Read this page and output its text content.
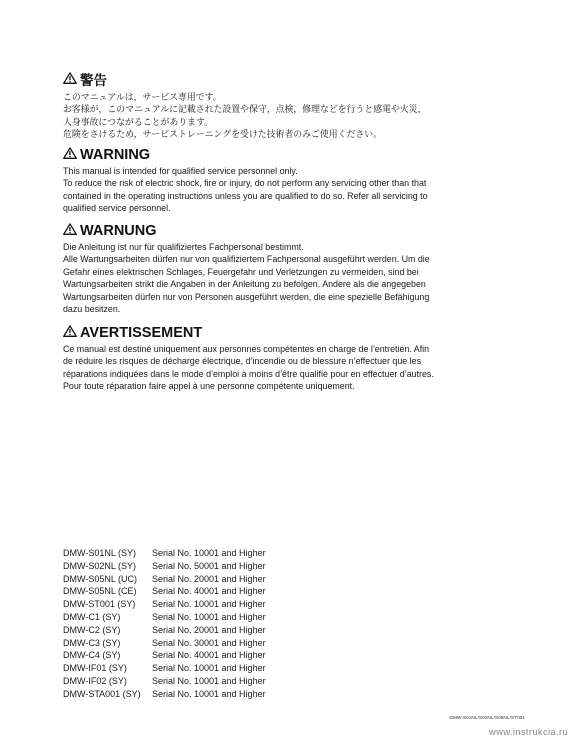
警告

このマニュアルは，サービス専用です。

お客様が，このマニュアルに記載された設置や保守，点検，修理などを行うと感電や火災，

人身事故につながることがあります。

危険をさけるため，サービストレーニングを受けた技術者のみご使用ください。

WARNING

This manual is intended for qualified service personnel only.

To reduce the risk of electric shock, fire or injury, do not perform any servicing other than that

contained in the operating instructions unless you are qualified to do so. Refer all servicing to

qualified service personnel.

WARNUNG

Die Anleitung ist nur für qualifiziertes Fachpersonal bestimmt.

Alle Wartungsarbeiten dürfen nur von qualifiziertem Fachpersonal ausgeführt werden. Um die

Gefahr eines elektrischen Schlages, Feuergefahr und Verletzungen zu vermeiden, sind bei

Wartungsarbeiten strikt die Angaben in der Anleitung zu befolgen. Andere als die angegeben

Wartungsarbeiten dürfen nur von Personen ausgeführt werden, die eine spezielle Befähigung

dazu besitzen.

AVERTISSEMENT

Ce manual est destiné uniquement aux personnes compétentes en charge de l’entretien. Afin

de réduire les risques de décharge électrique, d’incendie ou de blessure n’effectuer que les

réparations indiquées dans le mode d’emploi à moins d’être qualifié pour en effectuer d’autres.

Pour toute réparation faire appel à une personne compétente uniquement.

DMW-S01NL (SY)	Serial No. 10001 and Higher
DMW-S02NL (SY)	Serial No. 50001 and Higher
DMW-S05NL (UC)	Serial No. 20001 and Higher
DMW-S05NL (CE)	Serial No. 40001 and Higher
DMW-ST001 (SY)	Serial No. 10001 and Higher
DMW-C1 (SY)	Serial No. 10001 and Higher
DMW-C2 (SY)	Serial No. 20001 and Higher
DMW-C3 (SY)	Serial No. 30001 and Higher
DMW-C4 (SY)	Serial No. 40001 and Higher
DMW-IF01 (SY)	Serial No. 10001 and Higher
DMW-IF02 (SY)	Serial No. 10001 and Higher
DMW-STA001 (SY)	Serial No. 10001 and Higher
DMW-S01NL/S02NL/S05NL/ST001
www.instrukcia.ru
